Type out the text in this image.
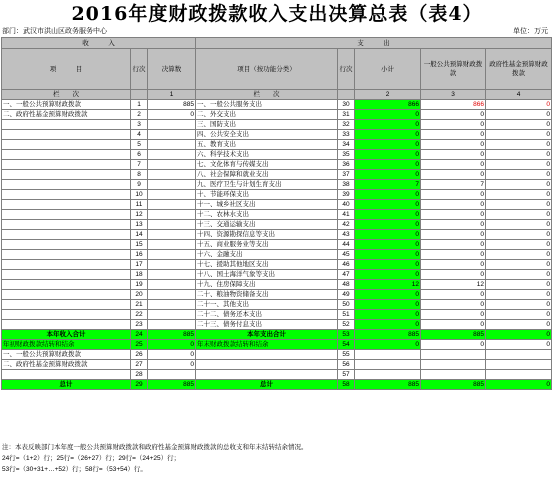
2016年度财政拨款收入支出决算总表（表4）
部门：武汉市洪山区政务服务中心	单位：万元
收　　　入			支　　　出				
项　　　目	行次	决算数	项目（按功能分类）	行次	小计	一般公共预算财政拨款	政府性基金预算财政拨款
栏　　次		1	栏　　次		2	3	4
一、一般公共预算财政拨款	1	885	一、一般公共服务支出	30	866	866	0
二、政府性基金预算财政拨款	2	0	二、外交支出	31	0	0	0
	3		三、国防支出	32	0	0	0
	4		四、公共安全支出	33	0	0	0
	5		五、教育支出	34	0	0	0
	6		六、科学技术支出	35	0	0	0
	7		七、文化体育与传媒支出	36	0	0	0
	8		八、社会保障和就业支出	37	0	0	0
	9		九、医疗卫生与计划生育支出	38	7	7	0
	10		十、节能环保支出	39	0	0	0
	11		十一、城乡社区支出	40	0	0	0
	12		十二、农林水支出	41	0	0	0
	13		十三、交通运输支出	42	0	0	0
	14		十四、资源勘探信息等支出	43	0	0	0
	15		十五、商业服务业等支出	44	0	0	0
	16		十六、金融支出	45	0	0	0
	17		十七、援助其他地区支出	46	0	0	0
	18		十八、国土海洋气象等支出	47	0	0	0
	19		十九、住房保障支出	48	12	12	0
	20		二十、粮油物资储备支出	49	0	0	0
	21		二十一、其他支出	50	0	0	0
	22		二十二、债务还本支出	51	0	0	0
	23		二十三、债务付息支出	52	0	0	0
本年收入合计	24	885	本年支出合计	53	885	885	0
年初财政拨款结转和结余	25	0	年末财政拨款结转和结余	54	0	0	0
一、一般公共预算财政拨款	26	0		55			
二、政府性基金预算财政拨款	27	0		56			
	28			57			
总计	29	885	总计	58	885	885	0
注：本表反映部门本年度一般公共预算财政拨款和政府性基金预算财政拨款的总收支和年末结转结余情况。
24行=（1+2）行；25行=（26+27）行；29行=（24+25）行；
53行=（30+31+…+52）行；58行=（53+54）行。
